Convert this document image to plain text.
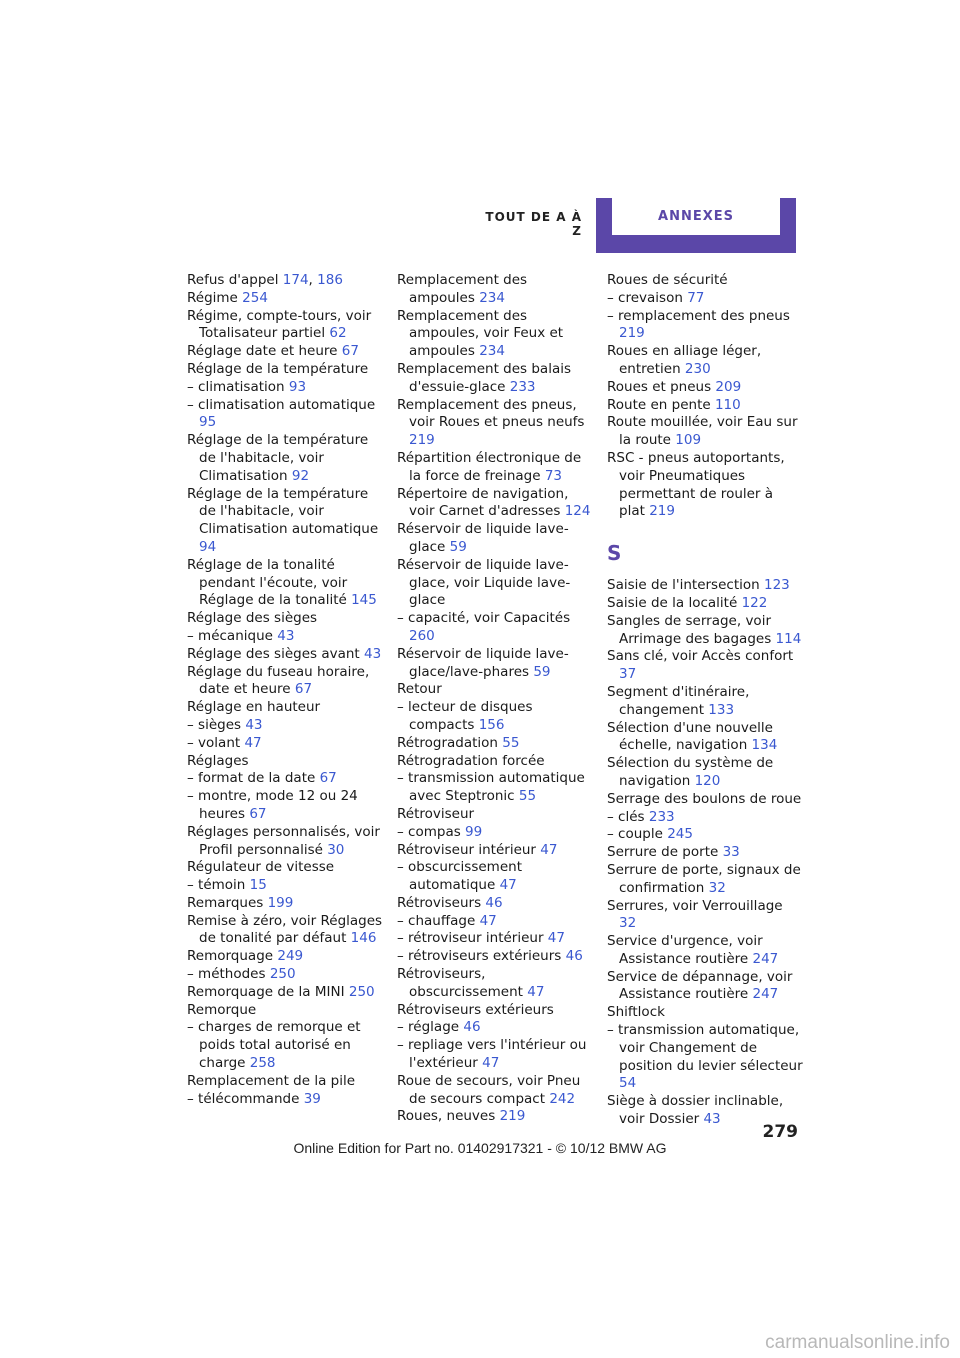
TOUT DE A À Z
ANNEXES
Refus d'appel 174, 186
Régime 254
Régime, compte-tours, voir Totalisateur partiel 62
Réglage date et heure 67
Réglage de la température
– climatisation 93
– climatisation automatique 95
Réglage de la température de l'habitacle, voir Climatisation 92
Réglage de la température de l'habitacle, voir Climatisation automatique 94
Réglage de la tonalité pendant l'écoute, voir Réglage de la tonalité 145
Réglage des sièges
– mécanique 43
Réglage des sièges avant 43
Réglage du fuseau horaire, date et heure 67
Réglage en hauteur
– sièges 43
– volant 47
Réglages
– format de la date 67
– montre, mode 12 ou 24 heures 67
Réglages personnalisés, voir Profil personnalisé 30
Régulateur de vitesse
– témoin 15
Remarques 199
Remise à zéro, voir Réglages de tonalité par défaut 146
Remorquage 249
– méthodes 250
Remorquage de la MINI 250
Remorque
– charges de remorque et poids total autorisé en charge 258
Remplacement de la pile
– télécommande 39
Remplacement des ampoules 234
Remplacement des ampoules, voir Feux et ampoules 234
Remplacement des balais d'essuie-glace 233
Remplacement des pneus, voir Roues et pneus neufs 219
Répartition électronique de la force de freinage 73
Répertoire de navigation, voir Carnet d'adresses 124
Réservoir de liquide lave-glace 59
Réservoir de liquide lave-glace, voir Liquide lave-glace
– capacité, voir Capacités 260
Réservoir de liquide lave-glace/lave-phares 59
Retour
– lecteur de disques compacts 156
Rétrogradation 55
Rétrogradation forcée
– transmission automatique avec Steptronic 55
Rétroviseur
– compas 99
Rétroviseur intérieur 47
– obscurcissement automatique 47
Rétroviseurs 46
– chauffage 47
– rétroviseur intérieur 47
– rétroviseurs extérieurs 46
Rétroviseurs, obscurcissement 47
Rétroviseurs extérieurs
– réglage 46
– repliage vers l'intérieur ou l'extérieur 47
Roue de secours, voir Pneu de secours compact 242
Roues, neuves 219
Roues de sécurité
– crevaison 77
– remplacement des pneus 219
Roues en alliage léger, entretien 230
Roues et pneus 209
Route en pente 110
Route mouillée, voir Eau sur la route 109
RSC - pneus autoportants, voir Pneumatiques permettant de rouler à plat 219
S
Saisie de l'intersection 123
Saisie de la localité 122
Sangles de serrage, voir Arrimage des bagages 114
Sans clé, voir Accès confort 37
Segment d'itinéraire, changement 133
Sélection d'une nouvelle échelle, navigation 134
Sélection du système de navigation 120
Serrage des boulons de roue
– clés 233
– couple 245
Serrure de porte 33
Serrure de porte, signaux de confirmation 32
Serrures, voir Verrouillage 32
Service d'urgence, voir Assistance routière 247
Service de dépannage, voir Assistance routière 247
Shiftlock
– transmission automatique, voir Changement de position du levier sélecteur 54
Siège à dossier inclinable, voir Dossier 43
279
Online Edition for Part no. 01402917321 - © 10/12 BMW AG
carmanualsonline.info
